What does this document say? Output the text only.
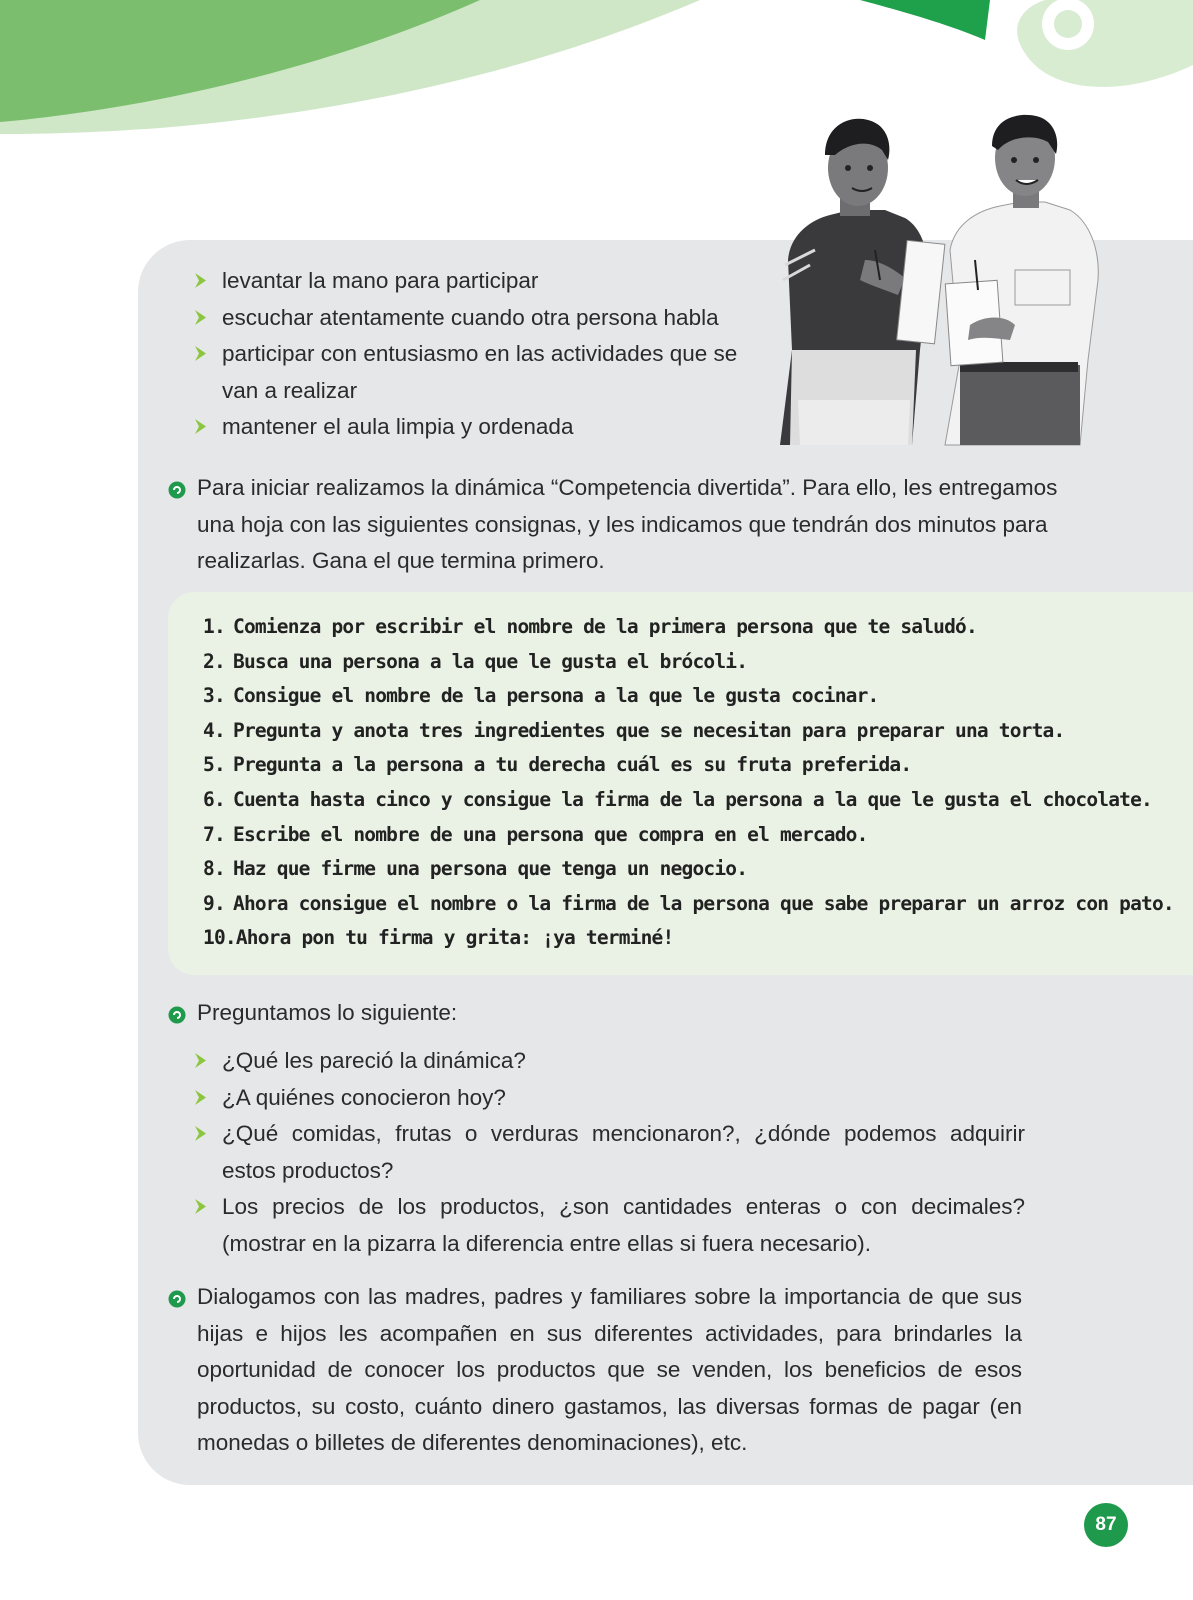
levantar la mano para participar
escuchar atentamente cuando otra persona habla
participar con entusiasmo en las actividades que se van a realizar
mantener el aula limpia y ordenada
Para iniciar realizamos la dinámica “Competencia divertida”. Para ello, les entregamos una hoja con las siguientes consignas, y les indicamos que tendrán dos minutos para realizarlas. Gana el que termina primero.
1. Comienza por escribir el nombre de la primera persona que te saludó.
2. Busca una persona a la que le gusta el brócoli.
3. Consigue el nombre de la persona a la que le gusta cocinar.
4. Pregunta y anota tres ingredientes que se necesitan para preparar una torta.
5. Pregunta a la persona a tu derecha cuál es su fruta preferida.
6. Cuenta hasta cinco y consigue la firma de la persona a la que le gusta el chocolate.
7. Escribe el nombre de una persona que compra en el mercado.
8. Haz que firme una persona que tenga un negocio.
9. Ahora consigue el nombre o la firma de la persona que sabe preparar un arroz con pato.
10.Ahora pon tu firma y grita: ¡ya terminé!
Preguntamos lo siguiente:
¿Qué les pareció la dinámica?
¿A quiénes conocieron hoy?
¿Qué comidas, frutas o verduras mencionaron?, ¿dónde podemos adquirir estos productos?
Los precios de los productos, ¿son cantidades enteras o con decimales? (mostrar en la pizarra la diferencia entre ellas si fuera necesario).
Dialogamos con las madres, padres y familiares sobre la importancia de que sus hijas e hijos les acompañen en sus diferentes actividades, para brindarles la oportunidad de conocer los productos que se venden, los beneficios de esos productos, su costo, cuánto dinero gastamos, las diversas formas de pagar (en monedas o billetes de diferentes denominaciones), etc.
87
